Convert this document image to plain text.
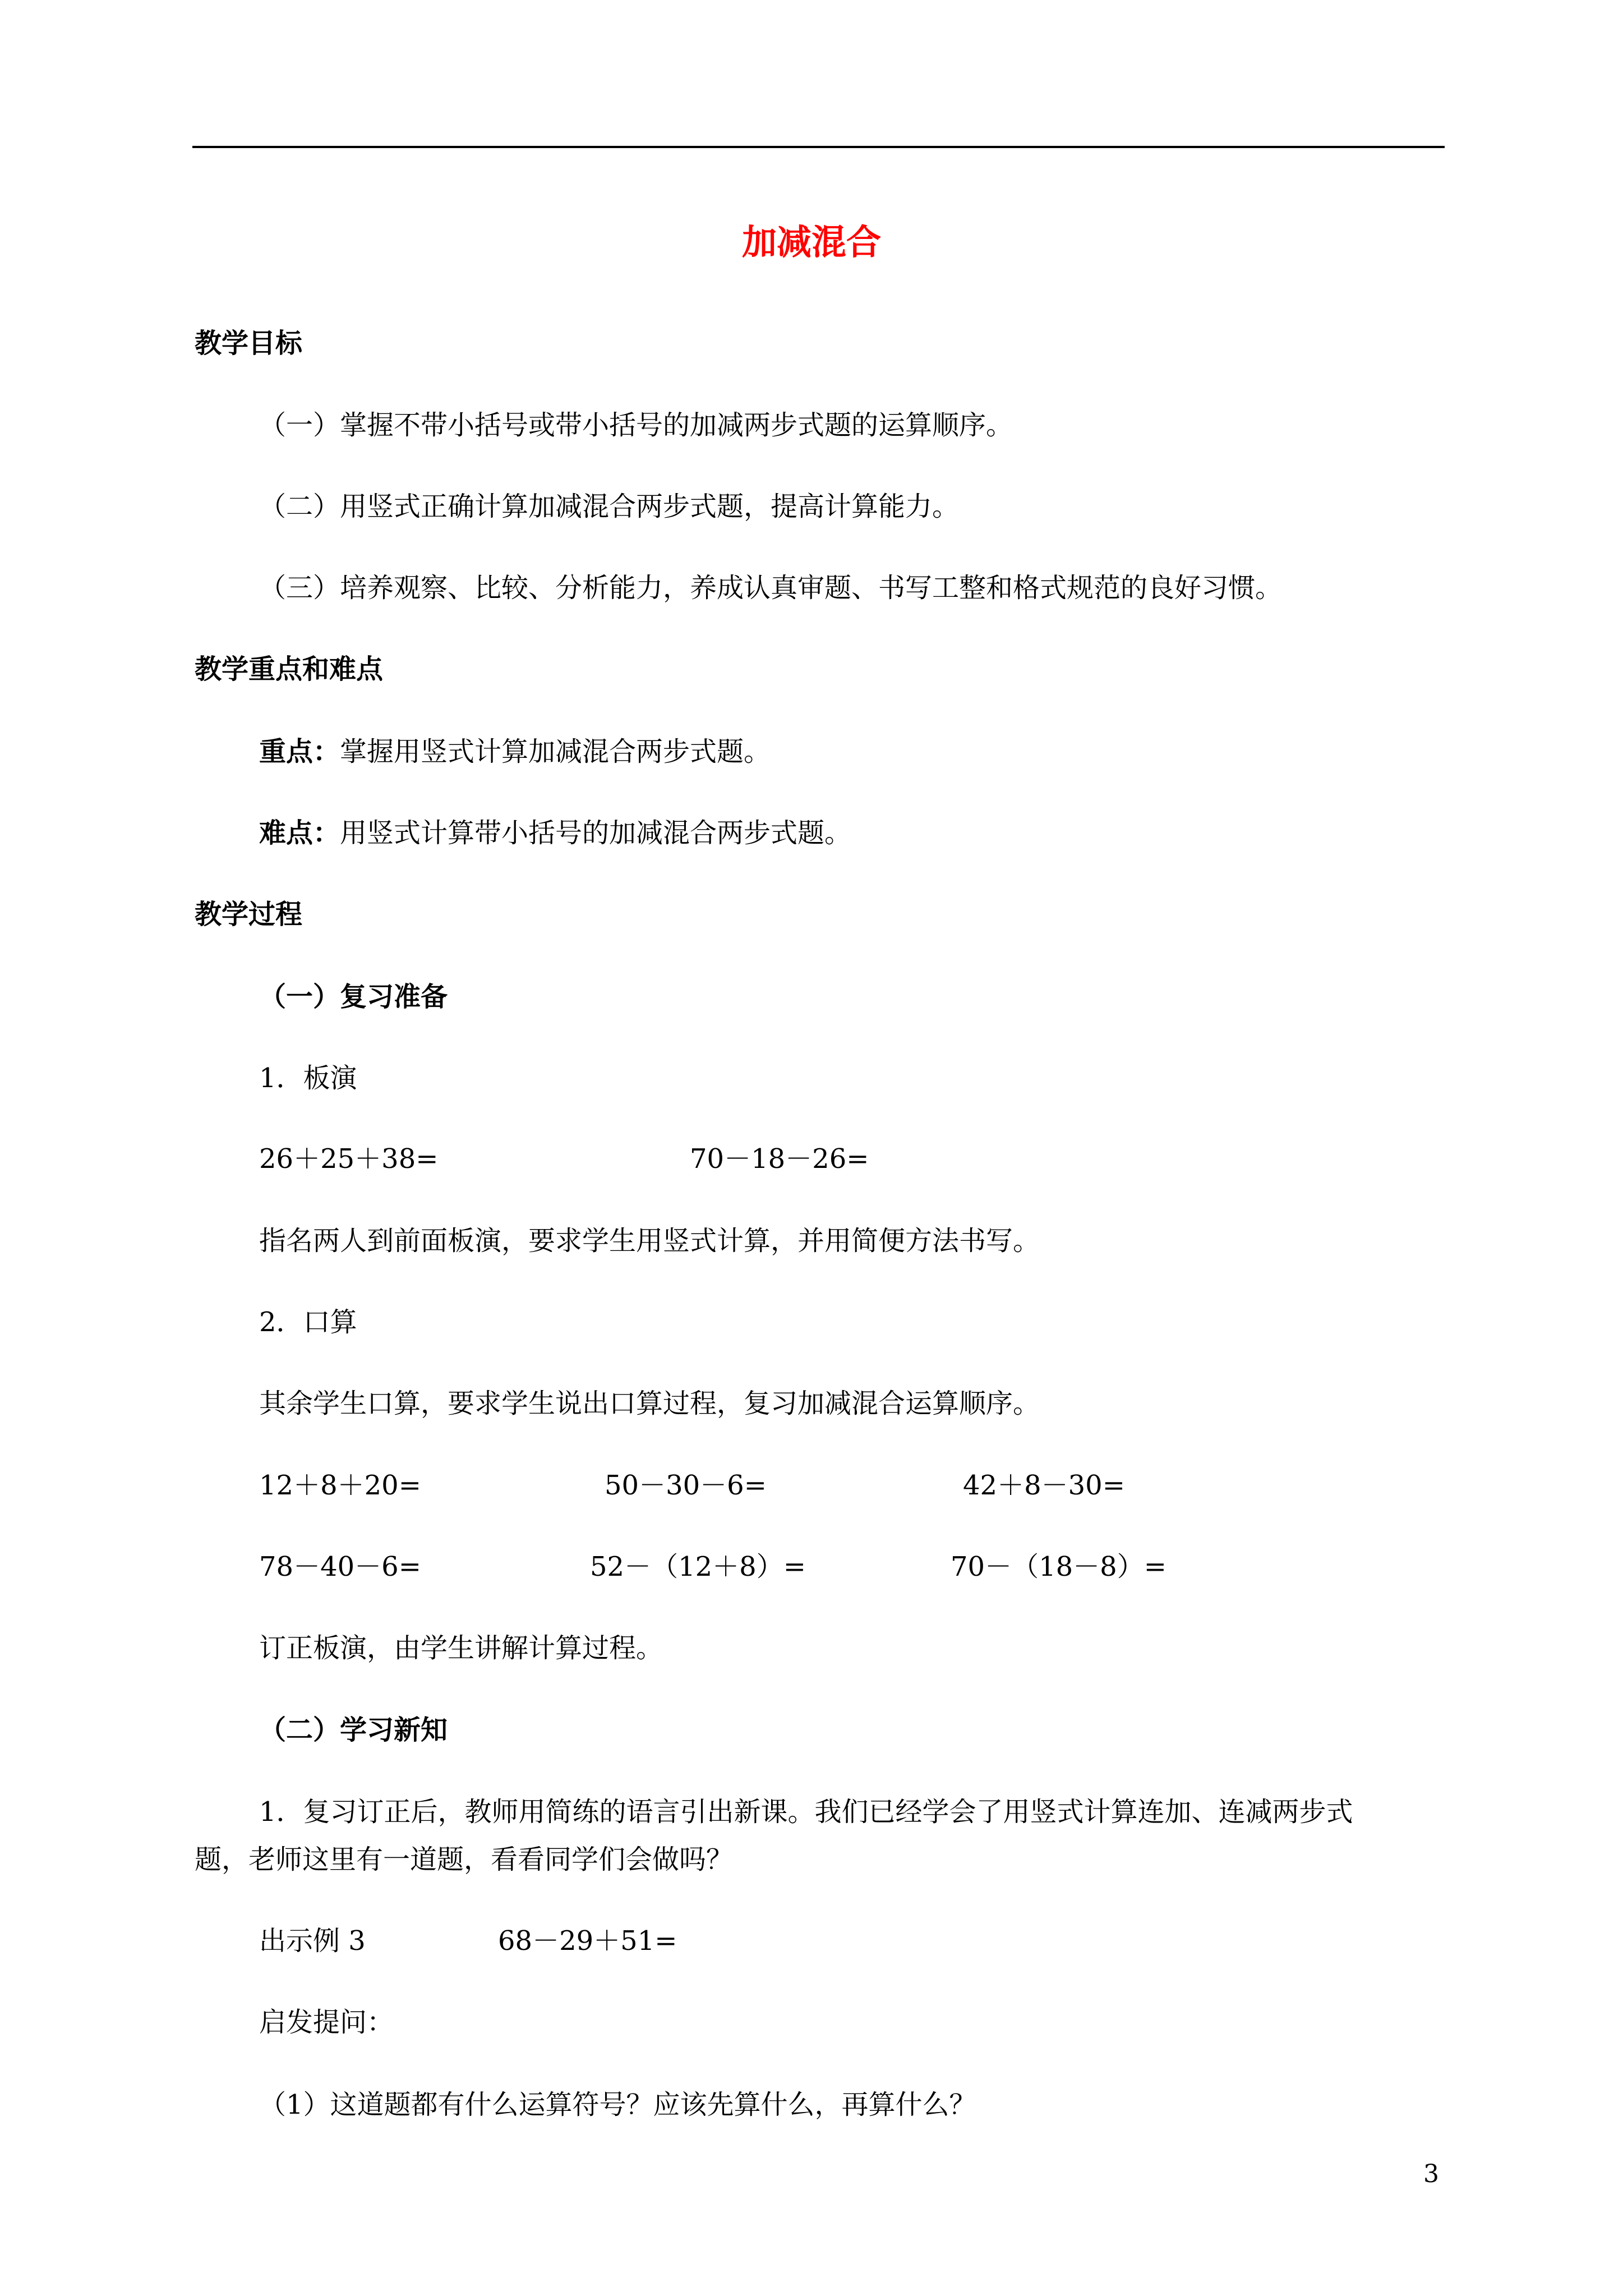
加减混合
教学目标
（一）掌握不带小括号或带小括号的加减两步式题的运算顺序。
（二）用竖式正确计算加减混合两步式题，提高计算能力。
（三）培养观察、比较、分析能力，养成认真审题、书写工整和格式规范的良好习惯。
教学重点和难点
重点：掌握用竖式计算加减混合两步式题。
难点：用竖式计算带小括号的加减混合两步式题。
教学过程
（一）复习准备
1．板演
26＋25＋38=	70－18－26=
指名两人到前面板演，要求学生用竖式计算，并用简便方法书写。
2．口算
其余学生口算，要求学生说出口算过程，复习加减混合运算顺序。
12＋8＋20=	50－30－6=	42＋8－30=
78－40－6=	52－（12＋8）=	70－（18－8）=
订正板演，由学生讲解计算过程。
（二）学习新知
1．复习订正后，教师用简练的语言引出新课。我们已经学会了用竖式计算连加、连减两步式
题，老师这里有一道题，看看同学们会做吗？
出示例 3	68－29＋51=
启发提问：
（1）这道题都有什么运算符号？应该先算什么，再算什么？
3
